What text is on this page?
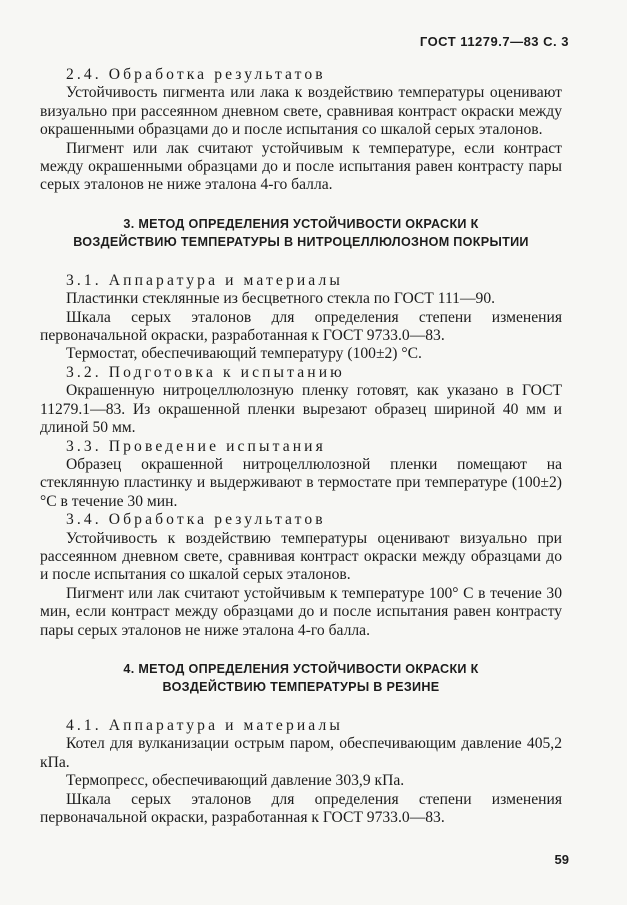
ГОСТ 11279.7—83 С. 3

2.4. Обработка результатов

Устойчивость пигмента или лака к воздействию температуры оценивают визуально при рассеянном дневном свете, сравнивая контраст окраски между окрашенными образцами до и после испытания со шкалой серых эталонов.

Пигмент или лак считают устойчивым к температуре, если контраст между окрашенными образцами до и после испытания равен контрасту пары серых эталонов не ниже эталона 4-го балла.

3. МЕТОД ОПРЕДЕЛЕНИЯ УСТОЙЧИВОСТИ ОКРАСКИ К
ВОЗДЕЙСТВИЮ ТЕМПЕРАТУРЫ В НИТРОЦЕЛЛЮЛОЗНОМ ПОКРЫТИИ

3.1. Аппаратура и материалы

Пластинки стеклянные из бесцветного стекла по ГОСТ 111—90.

Шкала серых эталонов для определения степени изменения первоначальной окраски, разработанная к ГОСТ 9733.0—83.

Термостат, обеспечивающий температуру (100±2) °С.

3.2. Подготовка к испытанию

Окрашенную нитроцеллюлозную пленку готовят, как указано в ГОСТ 11279.1—83. Из окрашенной пленки вырезают образец шириной 40 мм и длиной 50 мм.

3.3. Проведение испытания

Образец окрашенной нитроцеллюлозной пленки помещают на стеклянную пластинку и выдерживают в термостате при температуре (100±2) °С в течение 30 мин.

3.4. Обработка результатов

Устойчивость к воздействию температуры оценивают визуально при рассеянном дневном свете, сравнивая контраст окраски между образцами до и после испытания со шкалой серых эталонов.

Пигмент или лак считают устойчивым к температуре 100° С в течение 30 мин, если контраст между образцами до и после испытания равен контрасту пары серых эталонов не ниже эталона 4-го балла.

4. МЕТОД ОПРЕДЕЛЕНИЯ УСТОЙЧИВОСТИ ОКРАСКИ К
ВОЗДЕЙСТВИЮ ТЕМПЕРАТУРЫ В РЕЗИНЕ

4.1. Аппаратура и материалы

Котел для вулканизации острым паром, обеспечивающим давление 405,2 кПа.

Термопресс, обеспечивающий давление 303,9 кПа.

Шкала серых эталонов для определения степени изменения первоначальной окраски, разработанная к ГОСТ 9733.0—83.

59
